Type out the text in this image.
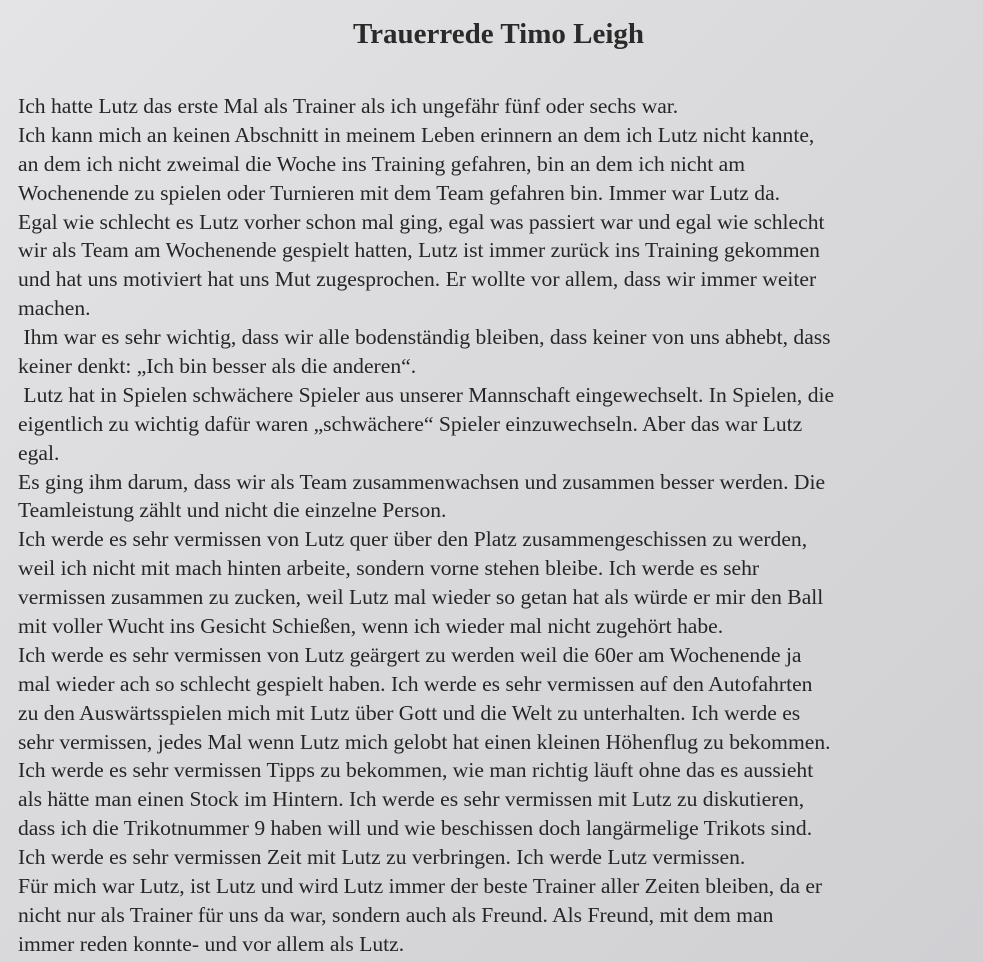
Trauerrede Timo Leigh
Ich hatte Lutz das erste Mal als Trainer als ich ungefähr fünf oder sechs war.
Ich kann mich an keinen Abschnitt in meinem Leben erinnern an dem ich Lutz nicht kannte,
an dem ich nicht zweimal die Woche ins Training gefahren, bin an dem ich nicht am
Wochenende zu spielen oder Turnieren mit dem Team gefahren bin. Immer war Lutz da.
Egal wie schlecht es Lutz vorher schon mal ging, egal was passiert war und egal wie schlecht
wir als Team am Wochenende gespielt hatten, Lutz ist immer zurück ins Training gekommen
und hat uns motiviert hat uns Mut zugesprochen. Er wollte vor allem, dass wir immer weiter
machen.
Ihm war es sehr wichtig, dass wir alle bodenständig bleiben, dass keiner von uns abhebt, dass
keiner denkt: „Ich bin besser als die anderen“.
Lutz hat in Spielen schwächere Spieler aus unserer Mannschaft eingewechselt. In Spielen, die
eigentlich zu wichtig dafür waren „schwächere“ Spieler einzuwechseln. Aber das war Lutz
egal.
Es ging ihm darum, dass wir als Team zusammenwachsen und zusammen besser werden. Die
Teamleistung zählt und nicht die einzelne Person.
Ich werde es sehr vermissen von Lutz quer über den Platz zusammengeschissen zu werden,
weil ich nicht mit mach hinten arbeite, sondern vorne stehen bleibe. Ich werde es sehr
vermissen zusammen zu zucken, weil Lutz mal wieder so getan hat als würde er mir den Ball
mit voller Wucht ins Gesicht Schießen, wenn ich wieder mal nicht zugehört habe.
Ich werde es sehr vermissen von Lutz geärgert zu werden weil die 60er am Wochenende ja
mal wieder ach so schlecht gespielt haben. Ich werde es sehr vermissen auf den Autofahrten
zu den Auswärtsspielen mich mit Lutz über Gott und die Welt zu unterhalten. Ich werde es
sehr vermissen, jedes Mal wenn Lutz mich gelobt hat einen kleinen Höhenflug zu bekommen.
Ich werde es sehr vermissen Tipps zu bekommen, wie man richtig läuft ohne das es aussieht
als hätte man einen Stock im Hintern. Ich werde es sehr vermissen mit Lutz zu diskutieren,
dass ich die Trikotnummer 9 haben will und wie beschissen doch langärmelige Trikots sind.
Ich werde es sehr vermissen Zeit mit Lutz zu verbringen. Ich werde Lutz vermissen.
Für mich war Lutz, ist Lutz und wird Lutz immer der beste Trainer aller Zeiten bleiben, da er
nicht nur als Trainer für uns da war, sondern auch als Freund. Als Freund, mit dem man
immer reden konnte- und vor allem als Lutz.
